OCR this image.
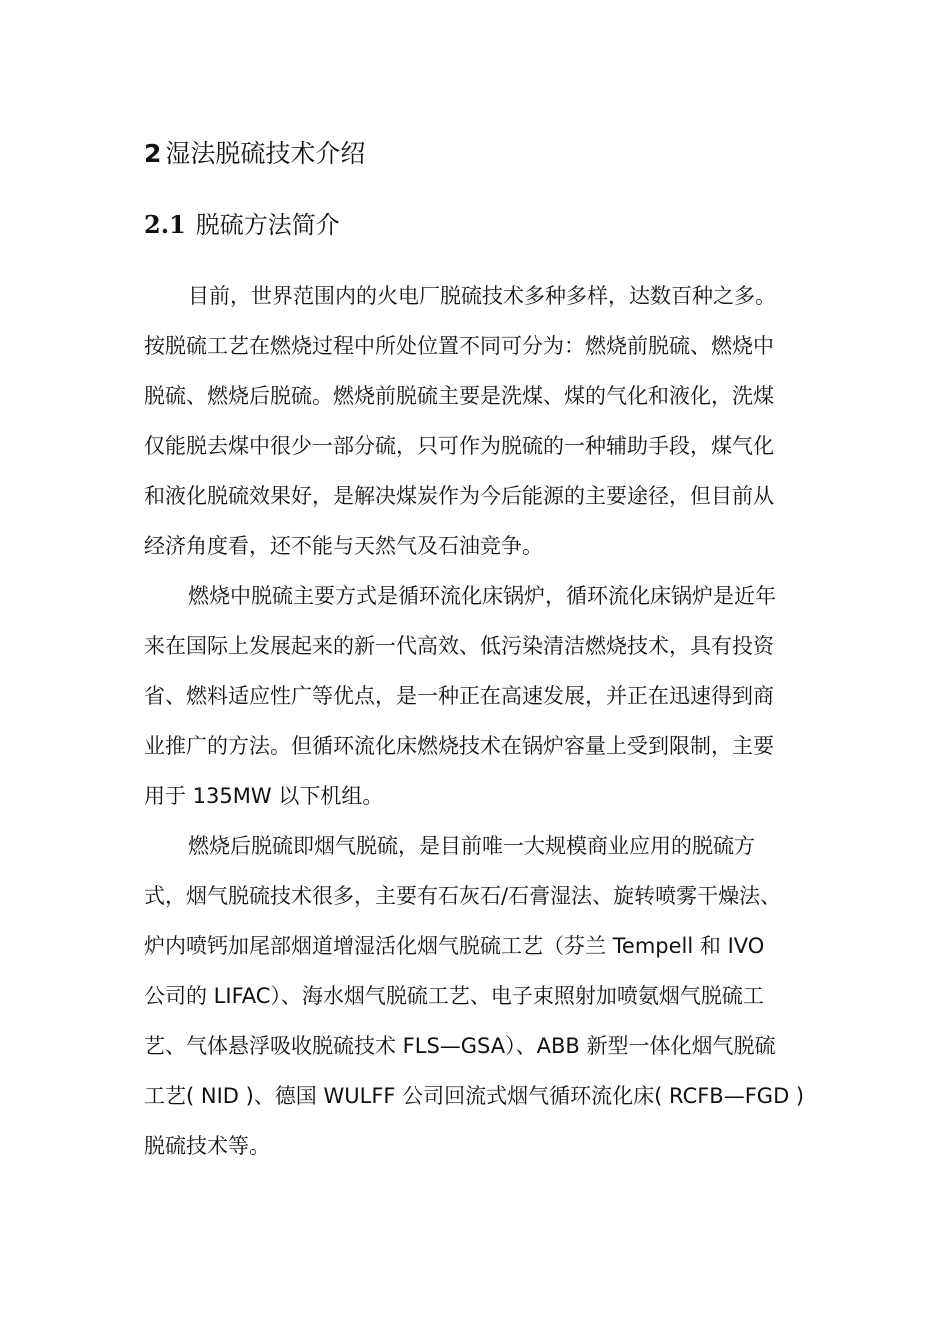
2 湿法脱硫技术介绍
2.1 脱硫方法简介
目前，世界范围内的火电厂脱硫技术多种多样，达数百种之多。
按脱硫工艺在燃烧过程中所处位置不同可分为：燃烧前脱硫、燃烧中
脱硫、燃烧后脱硫。燃烧前脱硫主要是洗煤、煤的气化和液化，洗煤
仅能脱去煤中很少一部分硫，只可作为脱硫的一种辅助手段，煤气化
和液化脱硫效果好，是解决煤炭作为今后能源的主要途径，但目前从
经济角度看，还不能与天然气及石油竞争。
燃烧中脱硫主要方式是循环流化床锅炉，循环流化床锅炉是近年
来在国际上发展起来的新一代高效、低污染清洁燃烧技术，具有投资
省、燃料适应性广等优点，是一种正在高速发展，并正在迅速得到商
业推广的方法。但循环流化床燃烧技术在锅炉容量上受到限制，主要
用于 135MW 以下机组。
燃烧后脱硫即烟气脱硫，是目前唯一大规模商业应用的脱硫方
式，烟气脱硫技术很多，主要有石灰石/石膏湿法、旋转喷雾干燥法、
炉内喷钙加尾部烟道增湿活化烟气脱硫工艺（芬兰 Tempell 和 IVO
公司的 LIFAC）、海水烟气脱硫工艺、电子束照射加喷氨烟气脱硫工
艺、气体悬浮吸收脱硫技术 FLS—GSA）、ABB 新型一体化烟气脱硫
工艺( NID )、德国 WULFF 公司回流式烟气循环流化床( RCFB—FGD )
脱硫技术等。
